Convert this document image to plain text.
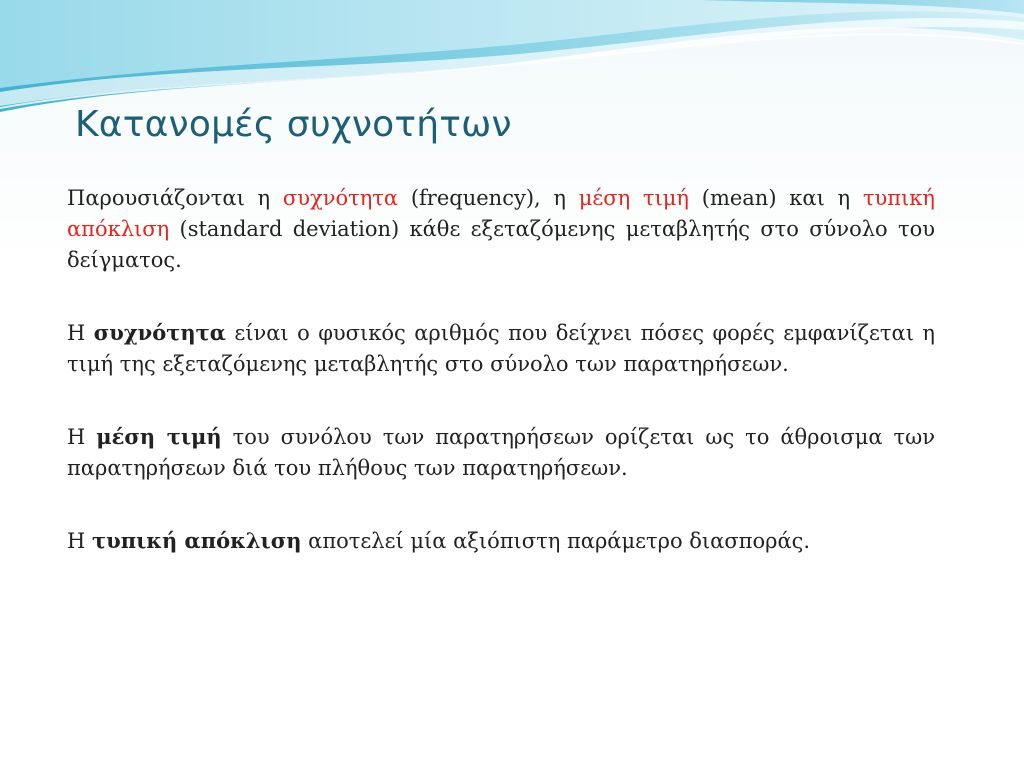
Κατανομές συχνοτήτων

Παρουσιάζονται η συχνότητα (frequency), η μέση τιμή (mean) και η τυπική απόκλιση (standard deviation) κάθε εξεταζόμενης μεταβλητής στο σύνολο του δείγματος.

Η συχνότητα είναι ο φυσικός αριθμός που δείχνει πόσες φορές εμφανίζεται η τιμή της εξεταζόμενης μεταβλητής στο σύνολο των παρατηρήσεων.

Η μέση τιμή του συνόλου των παρατηρήσεων ορίζεται ως το άθροισμα των παρατηρήσεων διά του πλήθους των παρατηρήσεων.

Η τυπική απόκλιση αποτελεί μία αξιόπιστη παράμετρο διασποράς.
